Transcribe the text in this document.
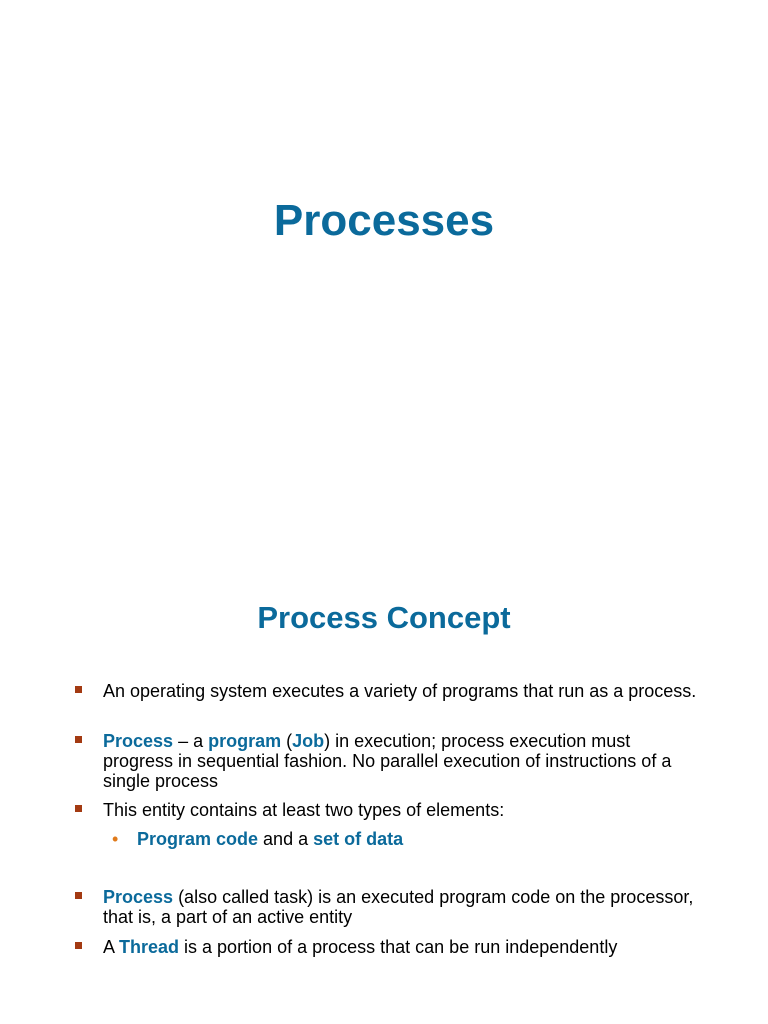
Processes
Process Concept
An operating system executes a variety of programs that run as a process.
Process – a program (Job) in execution; process execution must progress in sequential fashion. No parallel execution of instructions of a single process
This entity contains at least two types of elements:
• Program code and a set of data
Process (also called task) is an executed program code on the processor, that is, a part of an active entity
A Thread is a portion of a process that can be run independently
